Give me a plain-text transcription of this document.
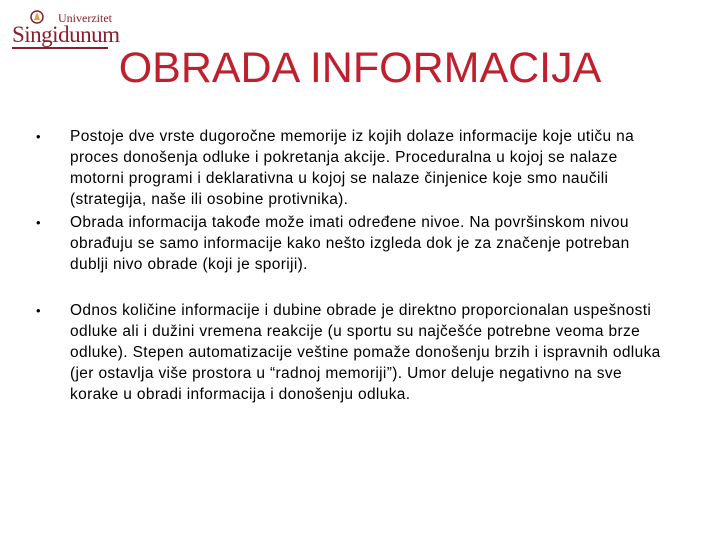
Univerzitet
Singidunum
OBRADA INFORMACIJA
• Postoje dve vrste dugoročne memorije iz kojih dolaze informacije koje utiču na proces donošenja odluke i pokretanja akcije. Proceduralna u kojoj se nalaze motorni programi i deklarativna u kojoj se nalaze činjenice koje smo naučili (strategija, naše ili osobine protivnika).
• Obrada informacija takođe može imati određene nivoe. Na površinskom nivou obrađuju se samo informacije kako nešto izgleda dok je za značenje potreban dublji nivo obrade (koji je sporiji).
• Odnos količine informacije i dubine obrade je direktno proporcionalan uspešnosti odluke ali i dužini vremena reakcije (u sportu su najčešće potrebne veoma brze odluke). Stepen automatizacije veštine pomaže donošenju brzih i ispravnih odluka (jer ostavlja više prostora u “radnoj memoriji”). Umor deluje negativno na sve korake u obradi informacija i donošenju odluka.
